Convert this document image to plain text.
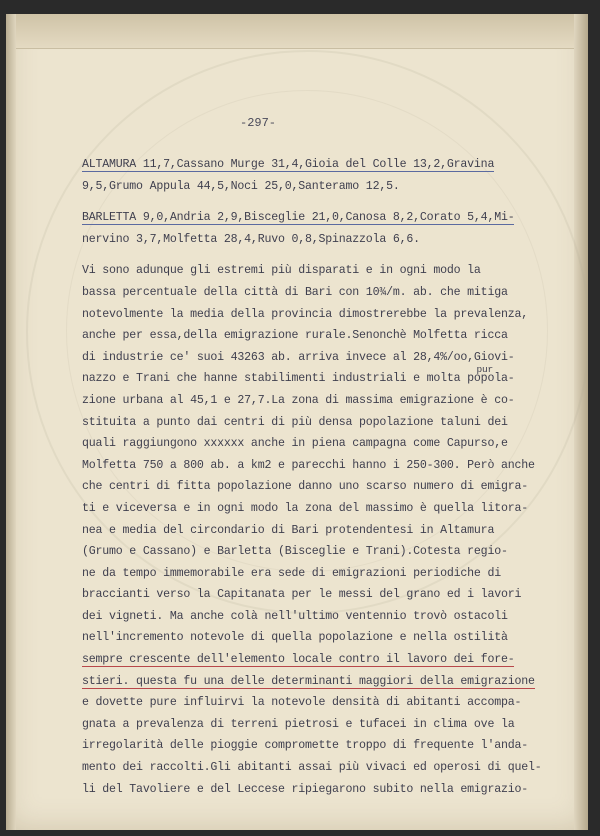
-297-
ALTAMURA 11,7,Cassano Murge 31,4,Gioia del Colle 13,2,Gravina
9,5,Grumo Appula 44,5,Noci 25,0,Santeramo 12,5.
BARLETTA 9,0,Andria 2,9,Bisceglie 21,0,Canosa 8,2,Corato 5,4,Mi-
nervino 3,7,Molfetta 28,4,Ruvo 0,8,Spinazzola 6,6.
Vi sono adunque gli estremi più disparati e in ogni modo la
bassa percentuale della città di Bari con 10¾/m. ab. che mitiga
notevolmente la media della provincia dimostrerebbe la prevalenza,
anche per essa,della emigrazione rurale.Senonchè Molfetta ricca
di industrie ce' suoi 43263 ab. arriva invece al 28,4%/oo,Giovi-
nazzo e Trani che hanne stabilimenti industriali e molta popola-pur
zione urbana al 45,1 e 27,7.La zona di massima emigrazione è co-
stituita a punto dai centri di più densa popolazione taluni dei
quali raggiungono xxxxxx anche in piena campagna come Capurso,e
Molfetta 750 a 800 ab. a km2 e parecchi hanno i 250-300. Però anche
che centri di fitta popolazione danno uno scarso numero di emigra-
ti e viceversa e in ogni modo la zona del massimo è quella litora-
nea e media del circondario di Bari protendentesi in Altamura
(Grumo e Cassano) e Barletta (Bisceglie e Trani).Cotesta regio-
ne da tempo immemorabile era sede di emigrazioni periodiche di
braccianti verso la Capitanata per le messi del grano ed i lavori
dei vigneti. Ma anche colà nell'ultimo ventennio trovò ostacoli
nell'incremento notevole di quella popolazione e nella ostilità
sempre crescente dell'elemento locale contro il lavoro dei fore-
stieri. questa fu una delle determinanti maggiori della emigrazione
e dovette pure influirvi la notevole densità di abitanti accompa-
gnata a prevalenza di terreni pietrosi e tufacei in clima ove la
irregolarità delle pioggie compromette troppo di frequente l'anda-
mento dei raccolti.Gli abitanti assai più vivaci ed operosi di quel-
li del Tavoliere e del Leccese ripiegarono subito nella emigrazio-
